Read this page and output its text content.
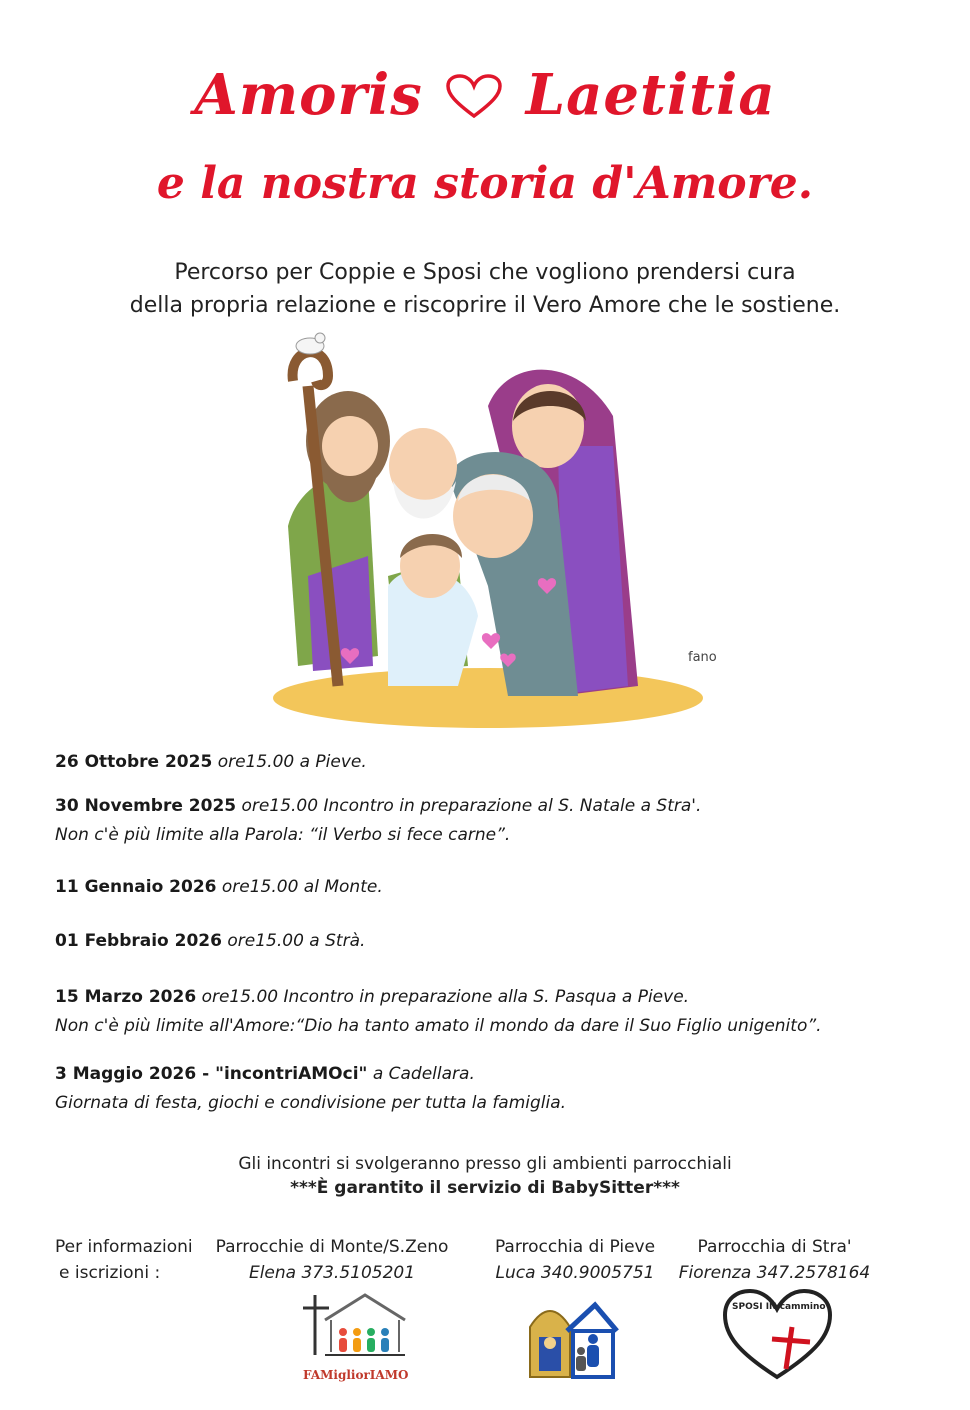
Amoris Laetitia
e la nostra storia d'Amore.
Percorso per Coppie e Sposi che vogliono prendersi cura
della propria relazione e riscoprire il Vero Amore che le sostiene.
fano
26 Ottobre 2025 ore15.00 a Pieve.
30 Novembre 2025 ore15.00 Incontro in preparazione al S. Natale a Stra'.
Non c'è più limite alla Parola: “il Verbo si fece carne”.
11 Gennaio 2026 ore15.00 al Monte.
01 Febbraio 2026 ore15.00 a Strà.
15 Marzo 2026 ore15.00 Incontro in preparazione alla S. Pasqua a Pieve.
Non c'è più limite all'Amore:“Dio ha tanto amato il mondo da dare il Suo Figlio unigenito”.
3 Maggio 2026 - "incontriAMOci" a Cadellara.
Giornata di festa, giochi e condivisione per tutta la famiglia.
Gli incontri si svolgeranno presso gli ambienti parrocchiali
***È garantito il servizio di BabySitter***
Per informazioni
e iscrizioni :
Parrocchie di Monte/S.Zeno
Elena 373.5105201
Parrocchia di Pieve
Luca 340.9005751
Parrocchia di Stra'
Fiorenza 347.2578164
FAMigliorIAMO
SPOSI IN cammino
